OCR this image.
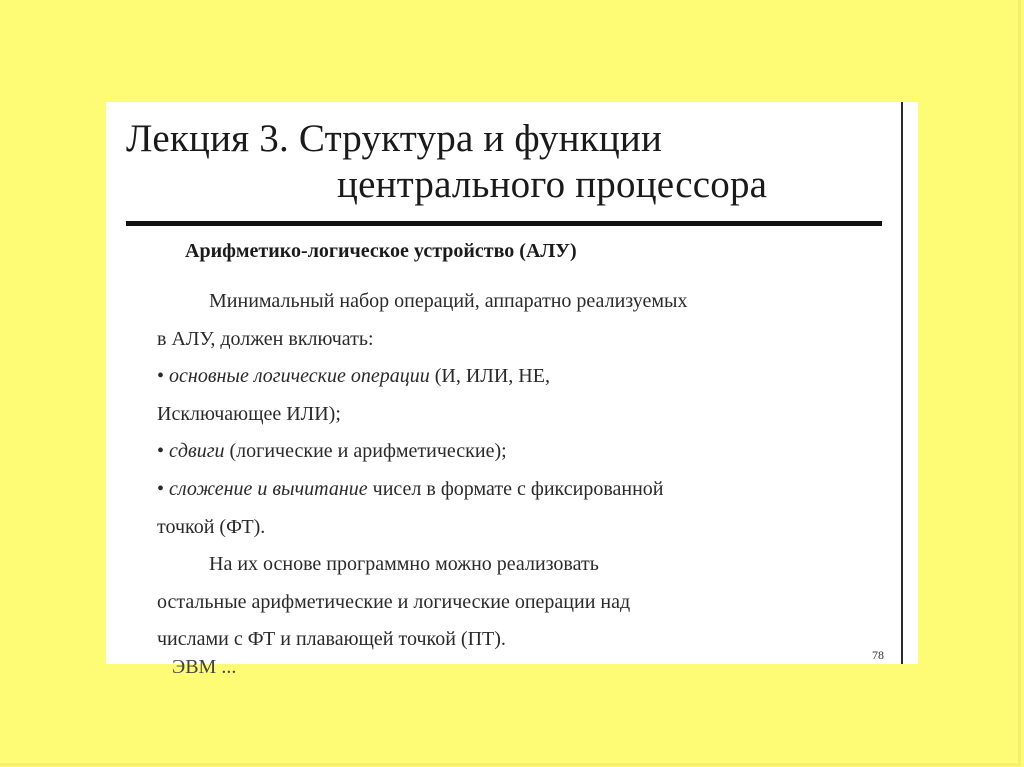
Лекция 3. Структура и функции
центрального процессора
Арифметико-логическое устройство (АЛУ)
Минимальный набор операций, аппаратно реализуемых
в АЛУ, должен включать:
• основные логические операции (И, ИЛИ, НЕ,
Исключающее ИЛИ);
• сдвиги (логические и арифметические);
• сложение и вычитание чисел в формате с фиксированной
точкой (ФТ).
На их основе программно можно реализовать
остальные арифметические и логические операции над
числами с ФТ и плавающей точкой (ПТ).
ЭВМ ...
78
